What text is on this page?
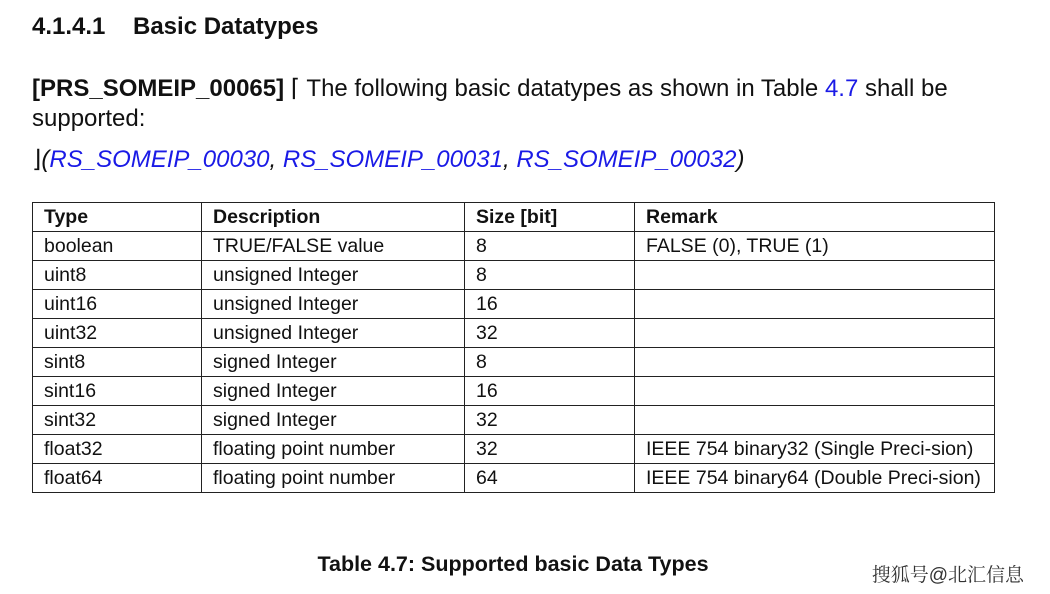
4.1.4.1 Basic Datatypes
[PRS_SOMEIP_00065] ⌈ The following basic datatypes as shown in Table 4.7 shall be supported:
⌋(RS_SOMEIP_00030, RS_SOMEIP_00031, RS_SOMEIP_00032)
Type	Description	Size [bit]	Remark
boolean	TRUE/FALSE value	8	FALSE (0), TRUE (1)
uint8	unsigned Integer	8	
uint16	unsigned Integer	16	
uint32	unsigned Integer	32	
sint8	signed Integer	8	
sint16	signed Integer	16	
sint32	signed Integer	32	
float32	floating point number	32	IEEE 754 binary32 (Single Preci-sion)
float64	floating point number	64	IEEE 754 binary64 (Double Preci-sion)
Table 4.7: Supported basic Data Types	搜狐号@北汇信息
